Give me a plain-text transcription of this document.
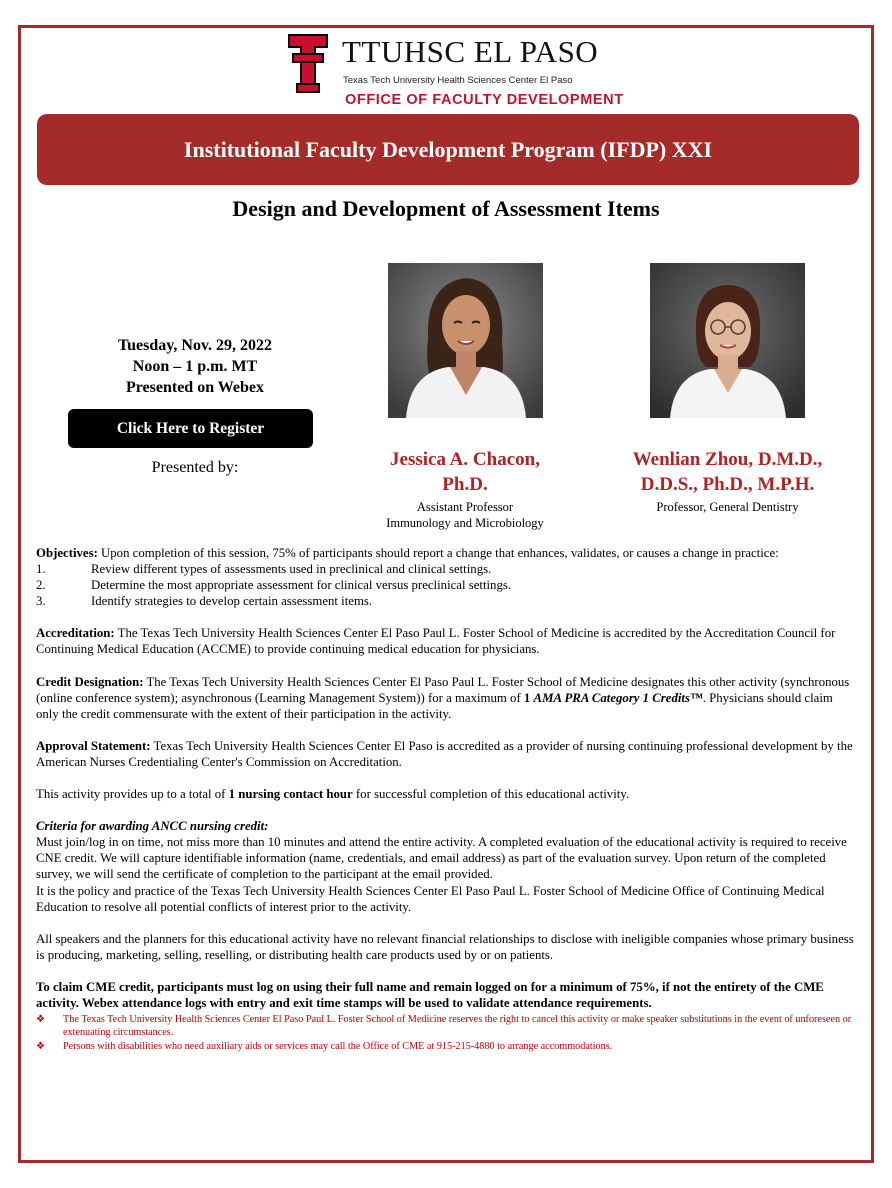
TTUHSC EL PASO
Texas Tech University Health Sciences Center El Paso
OFFICE OF FACULTY DEVELOPMENT
Institutional Faculty Development Program (IFDP) XXI
Design and Development of Assessment Items
Tuesday, Nov. 29, 2022
Noon – 1 p.m. MT
Presented on Webex
Click Here to Register
Presented by:	Jessica A. Chacon,
Ph.D.
Assistant Professor
Immunology and Microbiology
Wenlian Zhou, D.M.D.,
D.D.S., Ph.D., M.P.H.
Professor, General Dentistry

Objectives: Upon completion of this session, 75% of participants should report a change that enhances, validates, or causes a change in practice:

1.	Review different types of assessments used in preclinical and clinical settings.
2.	Determine the most appropriate assessment for clinical versus preclinical settings.
3.	Identify strategies to develop certain assessment items.

Accreditation: The Texas Tech University Health Sciences Center El Paso Paul L. Foster School of Medicine is accredited by the Accreditation Council for Continuing Medical Education (ACCME) to provide continuing medical education for physicians.

Credit Designation: The Texas Tech University Health Sciences Center El Paso Paul L. Foster School of Medicine designates this other activity (synchronous (online conference system); asynchronous (Learning Management System)) for a maximum of 1 AMA PRA Category 1 Credits™. Physicians should claim only the credit commensurate with the extent of their participation in the activity.

Approval Statement: Texas Tech University Health Sciences Center El Paso is accredited as a provider of nursing continuing professional development by the American Nurses Credentialing Center's Commission on Accreditation.

This activity provides up to a total of 1 nursing contact hour for successful completion of this educational activity.

Criteria for awarding ANCC nursing credit:

Must join/log in on time, not miss more than 10 minutes and attend the entire activity. A completed evaluation of the educational activity is required to receive CNE credit. We will capture identifiable information (name, credentials, and email address) as part of the evaluation survey. Upon return of the completed survey, we will send the certificate of completion to the participant at the email provided.

It is the policy and practice of the Texas Tech University Health Sciences Center El Paso Paul L. Foster School of Medicine Office of Continuing Medical Education to resolve all potential conflicts of interest prior to the activity.

All speakers and the planners for this educational activity have no relevant financial relationships to disclose with ineligible companies whose primary business is producing, marketing, selling, reselling, or distributing health care products used by or on patients.

To claim CME credit, participants must log on using their full name and remain logged on for a minimum of 75%, if not the entirety of the CME activity. Webex attendance logs with entry and exit time stamps will be used to validate attendance requirements.

❖	The Texas Tech University Health Sciences Center El Paso Paul L. Foster School of Medicine reserves the right to cancel this activity or make speaker substitutions in the event of unforeseen or extenuating circumstances.
❖	Persons with disabilities who need auxiliary aids or services may call the Office of CME at 915-215-4880 to arrange accommodations.
